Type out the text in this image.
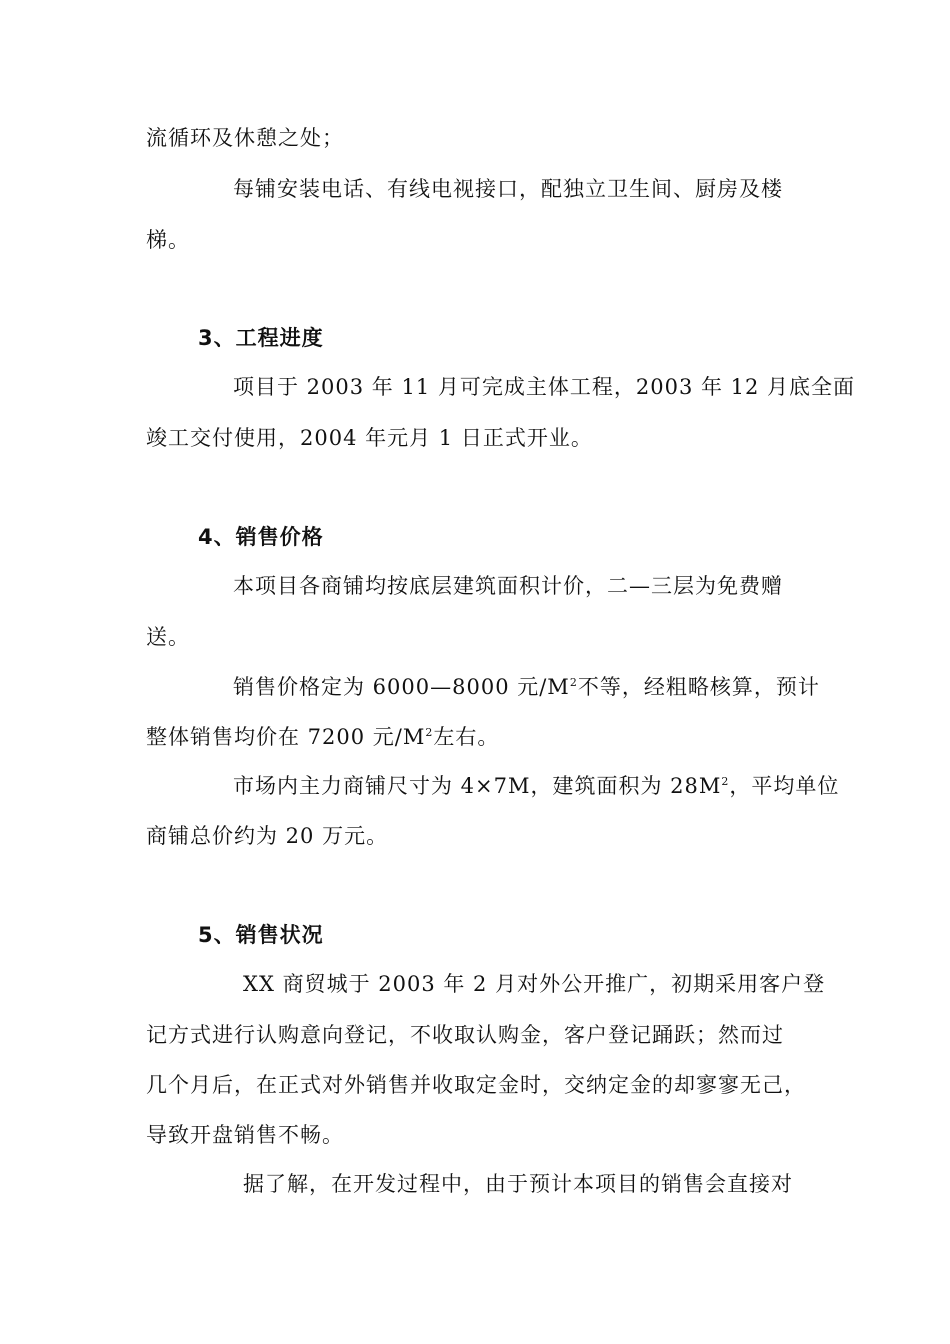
流循环及休憩之处；
每铺安装电话、有线电视接口，配独立卫生间、厨房及楼
梯。
3、工程进度
项目于 2003 年 11 月可完成主体工程，2003 年 12 月底全面
竣工交付使用，2004 年元月 1 日正式开业。
4、销售价格
本项目各商铺均按底层建筑面积计价，二—三层为免费赠
送。
销售价格定为 6000—8000 元$/M^2$不等，经粗略核算，预计
整体销售均价在 7200 元$/M^2$左右。
市场内主力商铺尺寸为 4×7M，建筑面积为 $28M^2$，平均单位
商铺总价约为 20 万元。
5、销售状况
XX 商贸城于 2003 年 2 月对外公开推广，初期采用客户登
记方式进行认购意向登记，不收取认购金，客户登记踊跃；然而过
几个月后，在正式对外销售并收取定金时，交纳定金的却寥寥无己，
导致开盘销售不畅。
据了解，在开发过程中，由于预计本项目的销售会直接对
